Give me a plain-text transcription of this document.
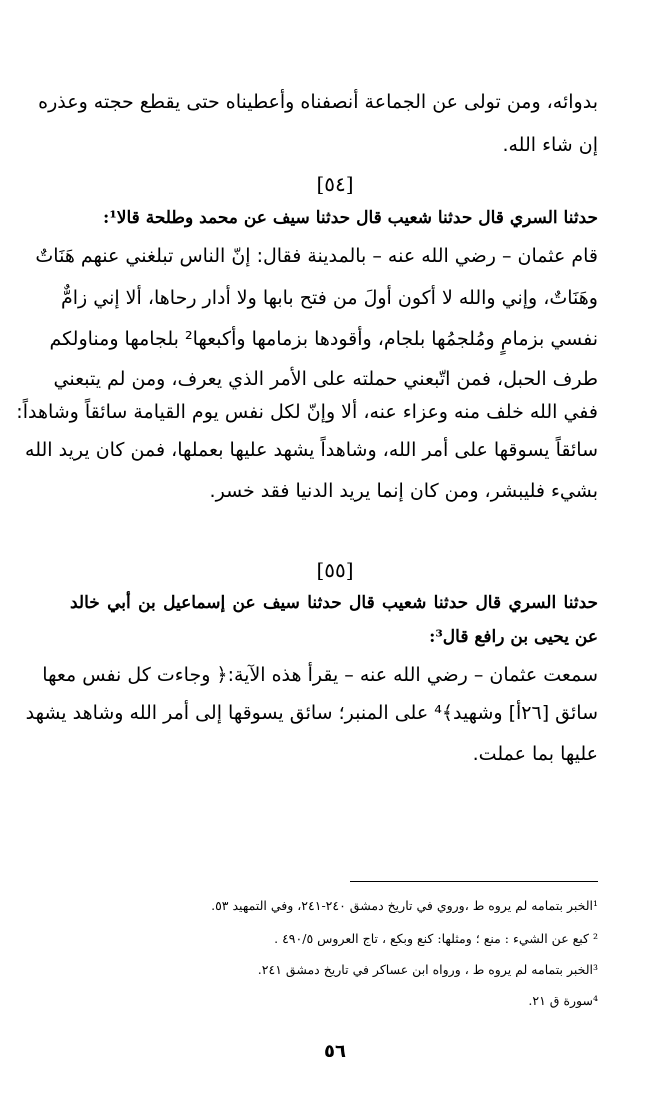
بدوائه، ومن تولى عن الجماعة أنصفناه وأعطيناه حتى يقطع حجته وعذره
إن شاء الله.
[٥٤]
حدثنا السري قال حدثنا شعيب قال حدثنا سيف عن محمد وطلحة قالا¹:
قام عثمان – رضي الله عنه – بالمدينة فقال: إنّ الناس تبلغني عنهم هَنَاتٌ
وهَنَاتٌ، وإني والله لا أكون أولَ من فتح بابها ولا أدار رحاها، ألا إني زامٌّ
نفسي بزمامٍ ومُلجمُها بلجام، وأقودها بزمامها وأكبعها² بلجامها ومناولكم
طرف الحبل، فمن اتّبعني حملته على الأمر الذي يعرف، ومن لم يتبعني
ففي الله خلف منه وعزاء عنه، ألا وإنّ لكل نفس يوم القيامة سائقاً وشاهداً:
سائقاً يسوقها على أمر الله، وشاهداً يشهد عليها بعملها، فمن كان يريد الله
بشيء فليبشر، ومن كان إنما يريد الدنيا فقد خسر.
[٥٥]
حدثنا السري قال حدثنا شعيب قال حدثنا سيف عن إسماعيل بن أبي خالد
عن يحيى بن رافع قال³:
سمعت عثمان – رضي الله عنه – يقرأ هذه الآية:﴿ وجاءت كل نفس معها
سائق [٢٦أ] وشهيد﴾⁴ على المنبر؛ سائق يسوقها إلى أمر الله وشاهد يشهد
عليها بما عملت.
¹الخبر بتمامه لم يروه ط ،وروي في تاريخ دمشق ٢٤٠-٢٤١، وفي التمهيد ٥٣.
² كبع عن الشيء : منع ؛ ومثلها: كنع وبكع ، تاج العروس ٤٩٠/٥ .
³الخبر بتمامه لم يروه ط ، ورواه ابن عساكر في تاريخ دمشق ٢٤١.
⁴سورة ق ٢١.
٥٦
